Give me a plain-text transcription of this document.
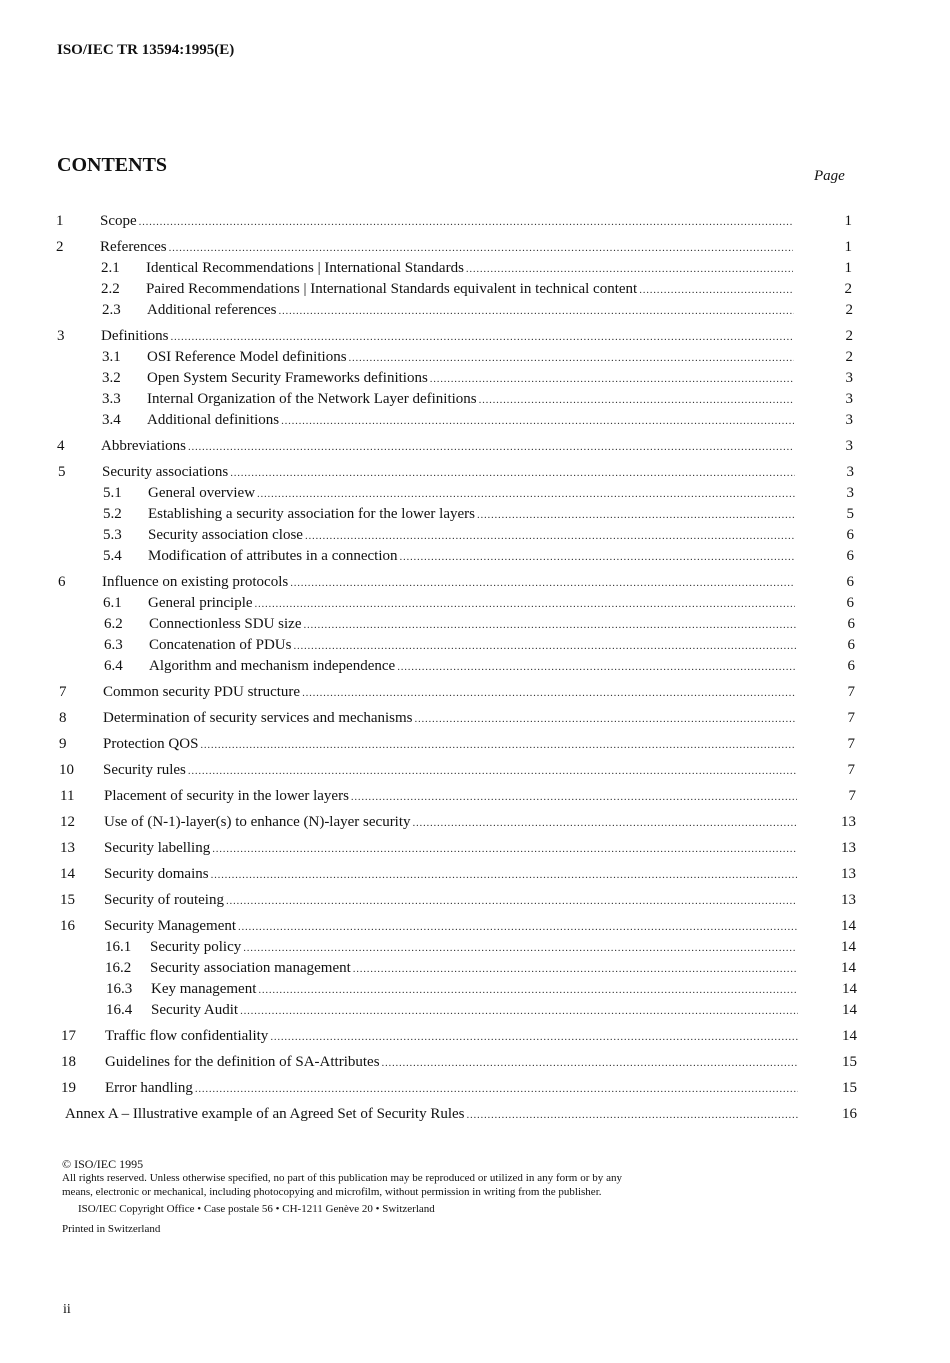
ISO/IEC TR 13594:1995(E)
CONTENTS	Page
1 Scope . . .	1
2 References . . .	1
2.1 Identical Recommendations | International Standards . . .	1
2.2 Paired Recommendations | International Standards equivalent in technical content . . .	2
2.3 Additional references . . .	2
3 Definitions . . .	2
3.1 OSI Reference Model definitions . . .	2
3.2 Open System Security Frameworks definitions . . .	3
3.3 Internal Organization of the Network Layer definitions . . .	3
3.4 Additional definitions . . .	3
4 Abbreviations . . .	3
5 Security associations . . .	3
5.1 General overview . . .	3
5.2 Establishing a security association for the lower layers . . .	5
5.3 Security association close . . .	6
5.4 Modification of attributes in a connection . . .	6
6 Influence on existing protocols . . .	6
6.1 General principle . . .	6
6.2 Connectionless SDU size . . .	6
6.3 Concatenation of PDUs . . .	6
6.4 Algorithm and mechanism independence . . .	6
7 Common security PDU structure . . .	7
8 Determination of security services and mechanisms . . .	7
9 Protection QOS . . .	7
10 Security rules . . .	7
11 Placement of security in the lower layers . . .	7
12 Use of (N-1)-layer(s) to enhance (N)-layer security . . .	13
13 Security labelling . . .	13
14 Security domains . . .	13
15 Security of routeing . . .	13
16 Security Management . . .	14
16.1 Security policy . . .	14
16.2 Security association management . . .	14
16.3 Key management . . .	14
16.4 Security Audit . . .	14
17 Traffic flow confidentiality . . .	14
18 Guidelines for the definition of SA-Attributes . . .	15
19 Error handling . . .	15
Annex A – Illustrative example of an Agreed Set of Security Rules . . .	16
© ISO/IEC 1995
All rights reserved. Unless otherwise specified, no part of this publication may be reproduced or utilized in any form or by any means, electronic or mechanical, including photocopying and microfilm, without permission in writing from the publisher.
ISO/IEC Copyright Office • Case postale 56 • CH-1211 Genève 20 • Switzerland
Printed in Switzerland
ii
